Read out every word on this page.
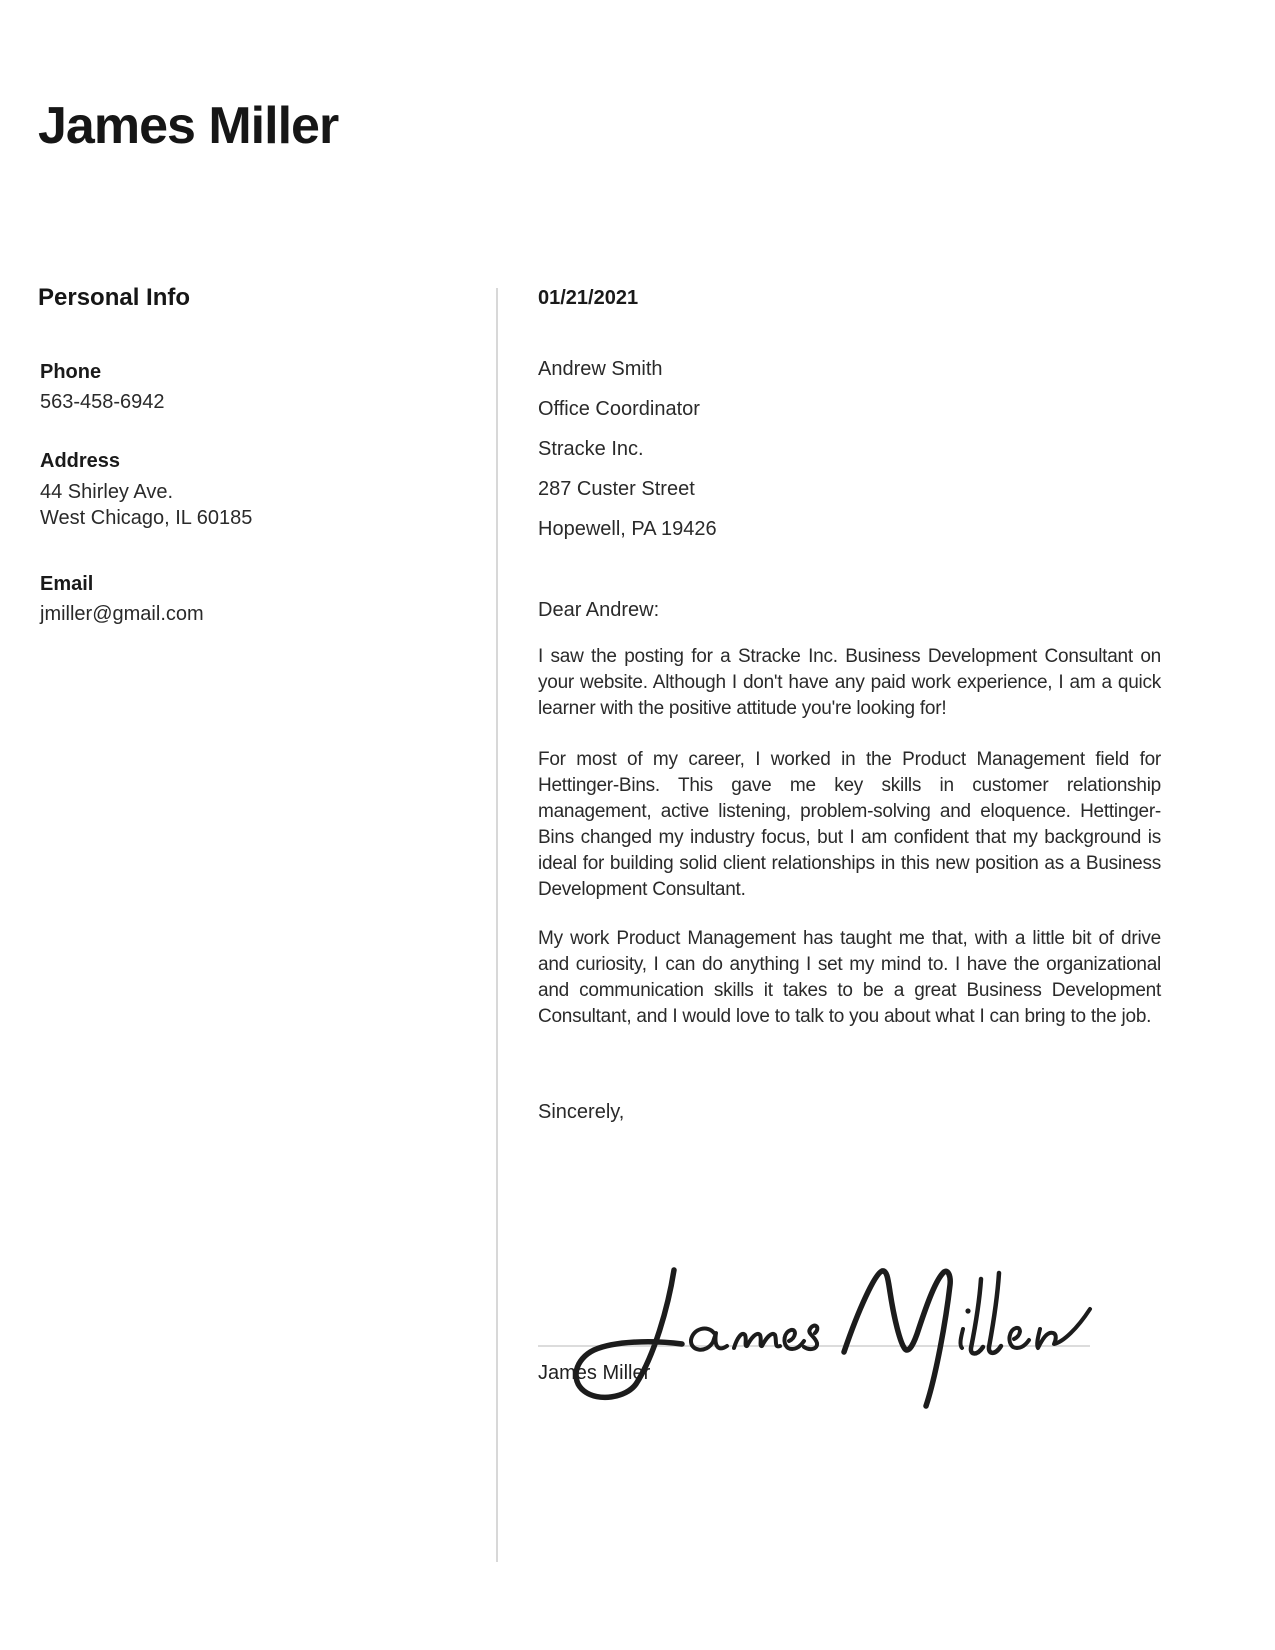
James Miller
Personal Info
Phone
563-458-6942
Address
44 Shirley Ave.
West Chicago, IL 60185
Email
jmiller@gmail.com
01/21/2021

Andrew Smith

Office Coordinator

Stracke Inc.

287 Custer Street

Hopewell, PA 19426

Dear Andrew:

I saw the posting for a Stracke Inc. Business Development Consultant on your website. Although I don't have any paid work experience, I am a quick learner with the positive attitude you're looking for!

For most of my career, I worked in the Product Management field for Hettinger-Bins. This gave me key skills in customer relationship management, active listening, problem-solving and eloquence. Hettinger-Bins changed my industry focus, but I am confident that my background is ideal for building solid client relationships in this new position as a Business Development Consultant.

My work Product Management has taught me that, with a little bit of drive and curiosity, I can do anything I set my mind to. I have the organizational and communication skills it takes to be a great Business Development Consultant, and I would love to talk to you about what I can bring to the job.

Sincerely,
James Miller
